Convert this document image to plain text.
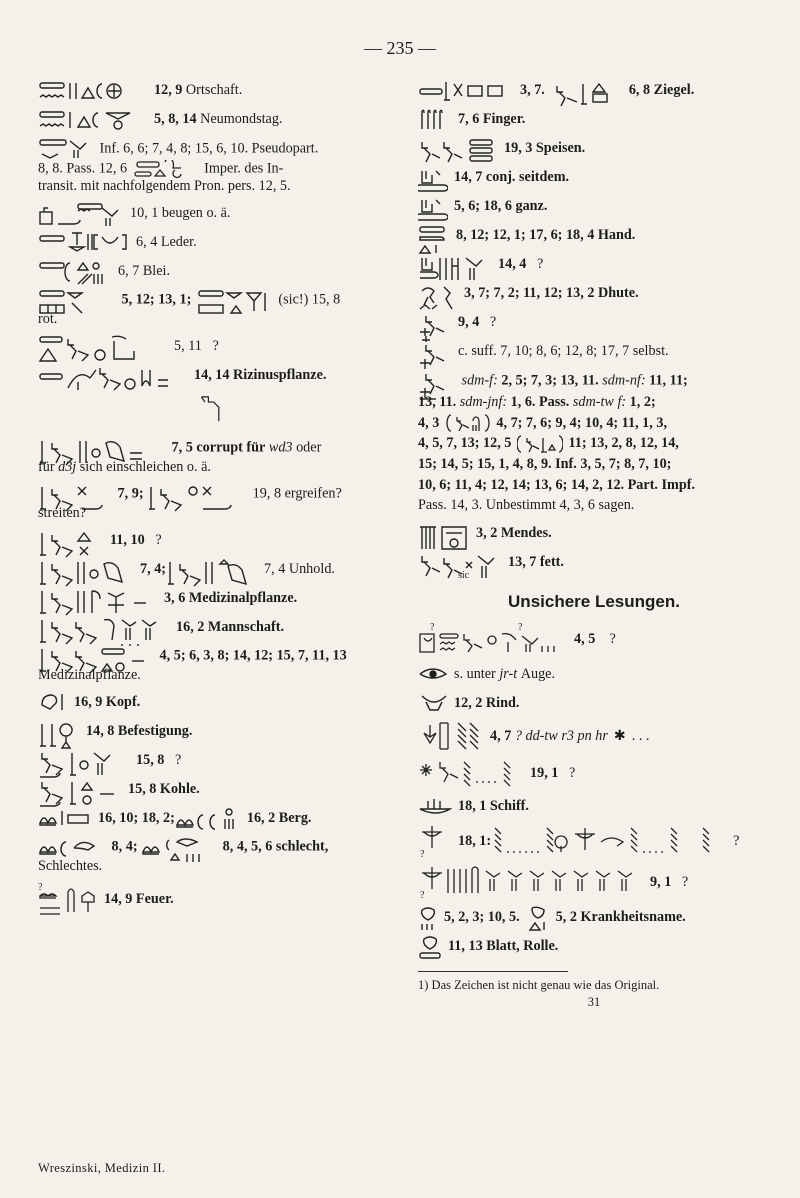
— 235 —
12, 9
Ortschaft.
5, 8, 14
Neumondstag.
Inf. 6, 6; 7, 4, 8; 15, 6, 10. Pseudopart.
8, 8. Pass. 12, 6	Imper. des In-
transit. mit nachfolgendem Pron. pers. 12, 5.
10, 1 beugen o. ä.
6, 4 Leder.
6, 7 Blei.
5, 12; 13, 1;	(sic!) 15, 8
rot.
5, 11
?
14, 14 Rizinuspflanze.

7, 5 corrupt für wd3 oder
für d3j sich einschleichen o. ä.
7, 9;	19, 8 ergreifen?
streiten?
11, 10
?
7, 4;	7, 4 Unhold.
3, 6 Medizinalpflanze.
16, 2 Mannschaft.
4, 5; 6, 3, 8; 14, 12; 15, 7, 11, 13
Medizinalpflanze.
16, 9 Kopf.
14, 8 Befestigung.
15, 8
?
15, 8 Kohle.
16, 10; 18, 2;	16, 2 Berg.
8, 4;	8, 4, 5, 6 schlecht,
Schlechtes.
?
14, 9 Feuer.
3, 7.	6, 8 Ziegel.
7, 6 Finger.
19, 3 Speisen.
14, 7 conj. seitdem.
5, 6; 18, 6 ganz.
8, 12; 12, 1; 17, 6; 18, 4 Hand.
14, 4
?
3, 7; 7, 2; 11, 12; 13, 2 Dhute.
9, 4
?
c. suff. 7, 10; 8, 6; 12, 8; 17, 7 selbst.
sdm-f: 2, 5; 7, 3; 13, 11. sdm-nf: 11, 11;
13, 11. sdm-jnf: 1, 6. Pass. sdm-tw f: 1, 2;
4, 3	4, 7; 7, 6; 9, 4; 10, 4; 11, 1, 3,
4, 5, 7, 13; 12, 5	11; 13, 2, 8, 12, 14,
15; 14, 5; 15, 1, 4, 8, 9. Inf. 3, 5, 7; 8, 7, 10;
10, 6; 11, 4; 12, 14; 13, 6; 14, 2, 12. Part. Impf.
Pass. 14, 3. Unbestimmt 4, 3, 6 sagen.
3, 2 Mendes.
13, 7 fett.
sic
Unsichere Lesungen.
?	?
4, 5
?
s. unter
jr-t
Auge.
12, 2 Rind.
4, 7
? dd-tw r3 pn hr ✱ . . .
19, 1
?
18, 1 Schiff.
?
18, 1:	?
?
9, 1
?
5, 2, 3; 10, 5.	5, 2 Krankheitsname.
11, 13 Blatt, Rolle.
1) Das Zeichen ist nicht genau wie das Original.
31
Wreszinski, Medizin II.
